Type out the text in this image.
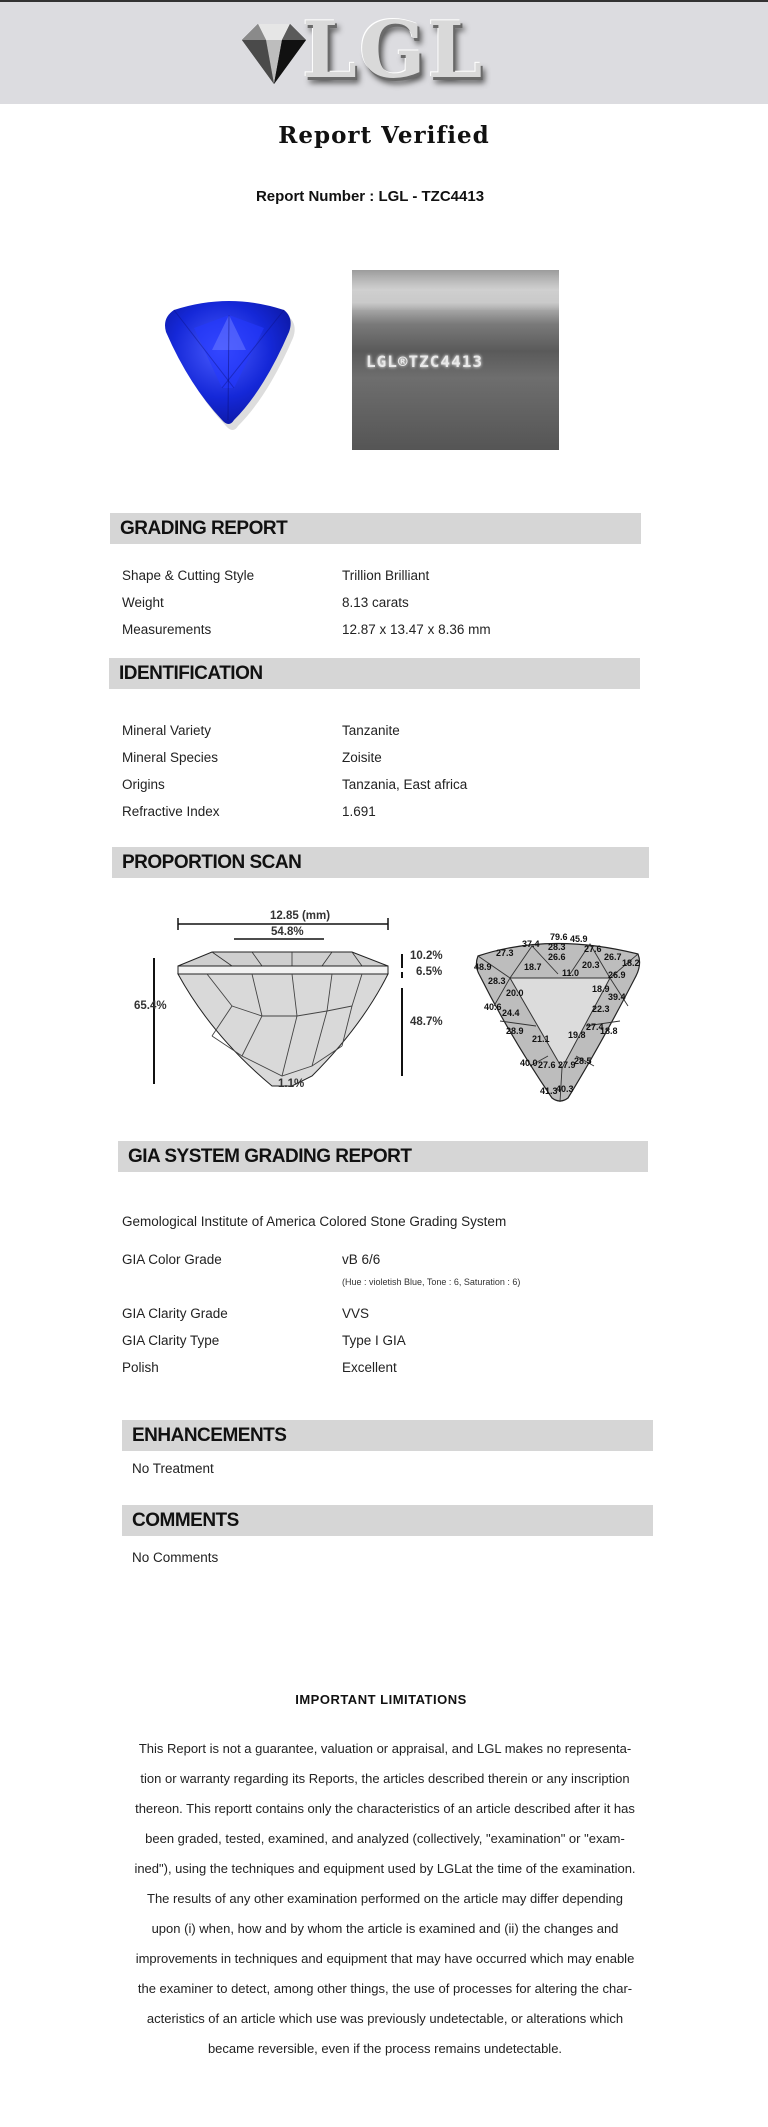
LGL
Report Verified
Report Number : LGL - TZC4413
LGL®TZC4413
GRADING REPORT
Shape & Cutting Style	Trillion Brilliant
Weight	8.13 carats
Measurements	12.87 x 13.47 x 8.36 mm
IDENTIFICATION
Mineral Variety	Tanzanite
Mineral Species	Zoisite
Origins	Tanzania, East africa
Refractive Index	1.691
PROPORTION SCAN
12.85 (mm)
54.8%
10.2%
6.5%
48.7%
65.4%
1.1%
79.6 45.9
37.4 28.3
27.3	26.6
27.6
26.7
18.2
18.7
11.0
20.3
48.9
28.3
26.9
20.0	39.4
40.6
18.9
24.4	22.3
28.9
21.1 19.8
27.4
18.8
40.0 27.6 27.9
28.5
41.3
40.3
GIA SYSTEM GRADING REPORT
Gemological Institute of America Colored Stone Grading System
GIA Color Grade	vB 6/6
(Hue : violetish Blue, Tone : 6, Saturation : 6)
GIA Clarity Grade	VVS
GIA Clarity Type	Type I GIA
Polish	Excellent
ENHANCEMENTS
No Treatment
COMMENTS
No Comments
IMPORTANT LIMITATIONS
This Report is not a guarantee, valuation or appraisal, and LGL makes no representa-
tion or warranty regarding its Reports, the articles described therein or any inscription
thereon. This reportt contains only the characteristics of an article described after it has
been graded, tested, examined, and analyzed (collectively, "examination" or "exam-
ined"), using the techniques and equipment used by LGLat the time of the examination.
The results of any other examination performed on the article may differ depending
upon (i) when, how and by whom the article is examined and (ii) the changes and
improvements in techniques and equipment that may have occurred which may enable
the examiner to detect, among other things, the use of processes for altering the char-
acteristics of an article which use was previously undetectable, or alterations which
became reversible, even if the process remains undetectable.
